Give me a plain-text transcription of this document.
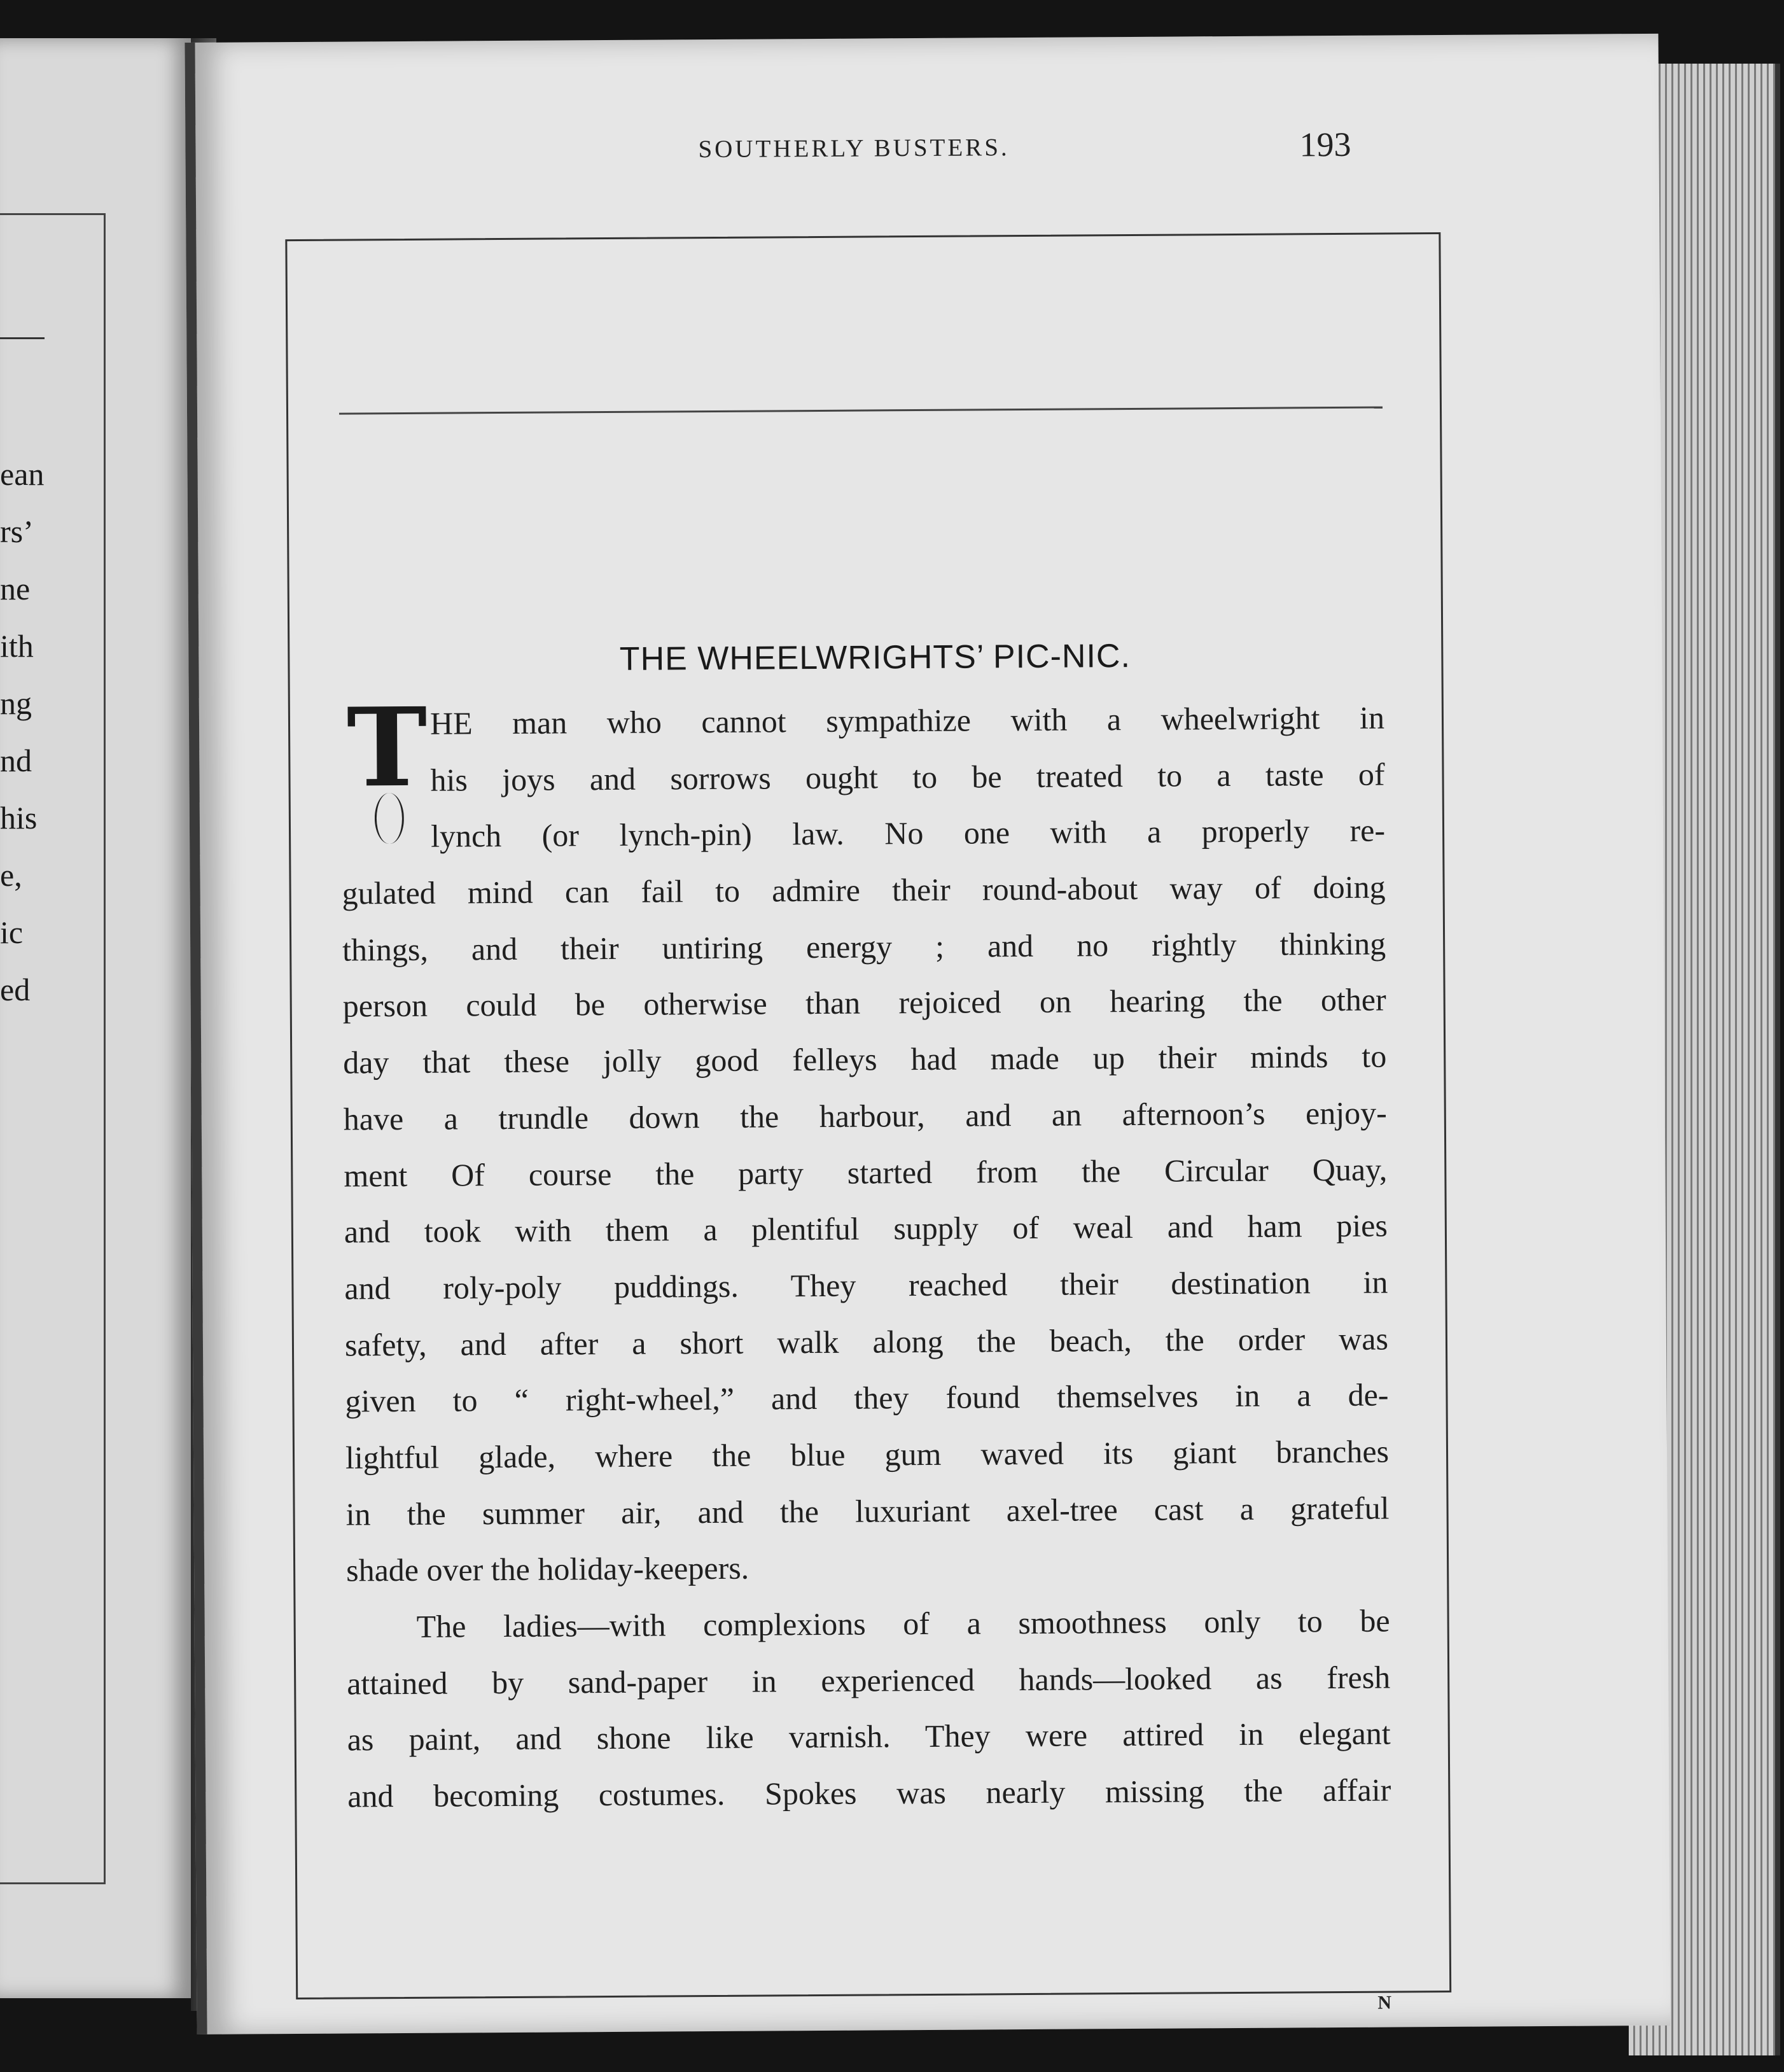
ean
rs’
ne
ith
ng
nd
his
e,
ic
ed

SOUTHERLY BUSTERS.	193

THE WHEELWRIGHTS’ PIC-NIC.
T HE man who cannot sympathize with a wheelwright in
his joys and sorrows ought to be treated to a taste of
lynch (or lynch-pin) law. No one with a properly re-
gulated mind can fail to admire their round-about way of doing
things, and their untiring energy ; and no rightly thinking
person could be otherwise than rejoiced on hearing the other
day that these jolly good felleys had made up their minds to
have a trundle down the harbour, and an afternoon’s enjoy-
ment Of course the party started from the Circular Quay,
and took with them a plentiful supply of weal and ham pies
and roly-poly puddings. They reached their destination in
safety, and after a short walk along the beach, the order was
given to “ right-wheel,” and they found themselves in a de-
lightful glade, where the blue gum waved its giant branches
in the summer air, and the luxuriant axel-tree cast a grateful
shade over the holiday-keepers.
The ladies—with complexions of a smoothness only to be
attained by sand-paper in experienced hands—looked as fresh
as paint, and shone like varnish. They were attired in elegant
and becoming costumes. Spokes was nearly missing the affair

N
